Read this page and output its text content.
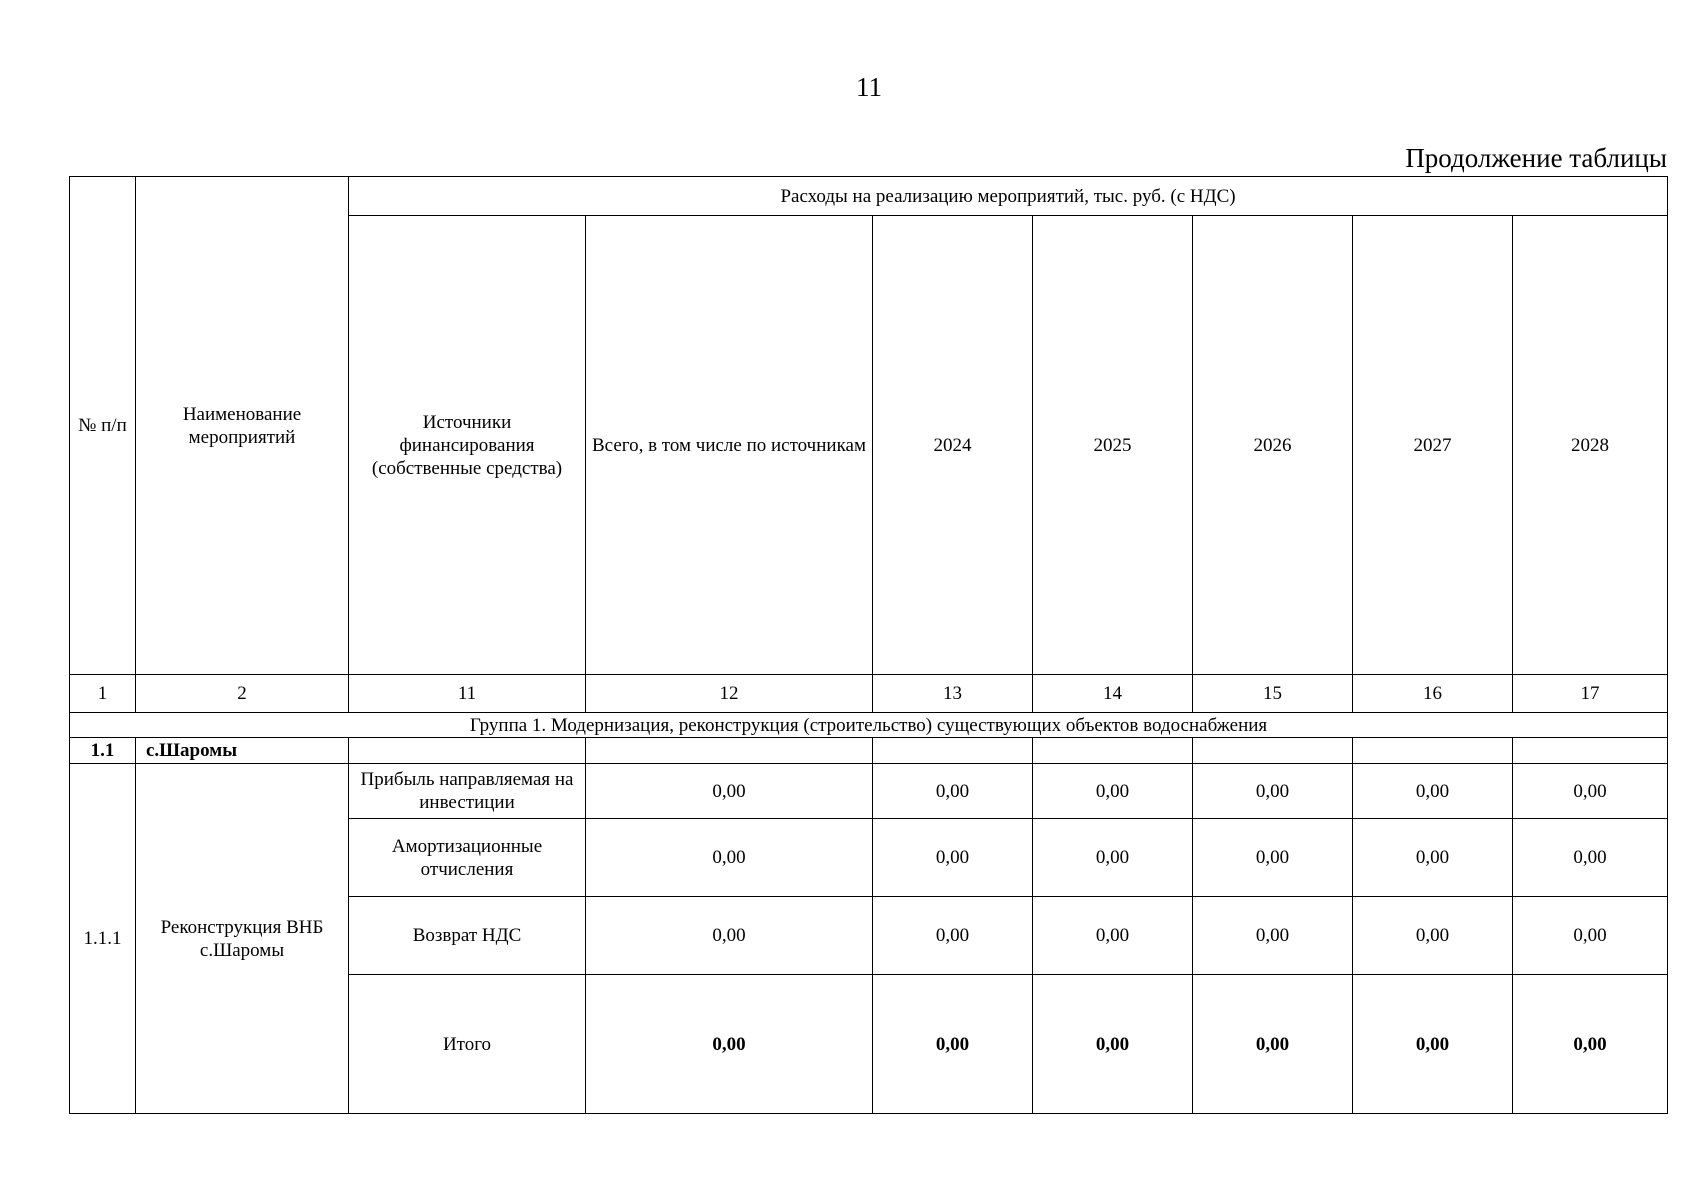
11
Продолжение таблицы
№ п/п	Наименование мероприятий	Расходы на реализацию мероприятий, тыс. руб. (с НДС)						
		Источники финансирования (собственные средства)	Всего, в том числе по источникам	2024	2025	2026	2027	2028
1	2	11	12	13	14	15	16	17
Группа 1. Модернизация, реконструкция (строительство) существующих объектов водоснабжения								
1.1	с.Шаромы							
1.1.1	Реконструкция ВНБ с.Шаромы	Прибыль направляемая на инвестиции	0,00	0,00	0,00	0,00	0,00	0,00
		Амортизационные отчисления	0,00	0,00	0,00	0,00	0,00	0,00
		Возврат НДС	0,00	0,00	0,00	0,00	0,00	0,00
		Итого	0,00	0,00	0,00	0,00	0,00	0,00
